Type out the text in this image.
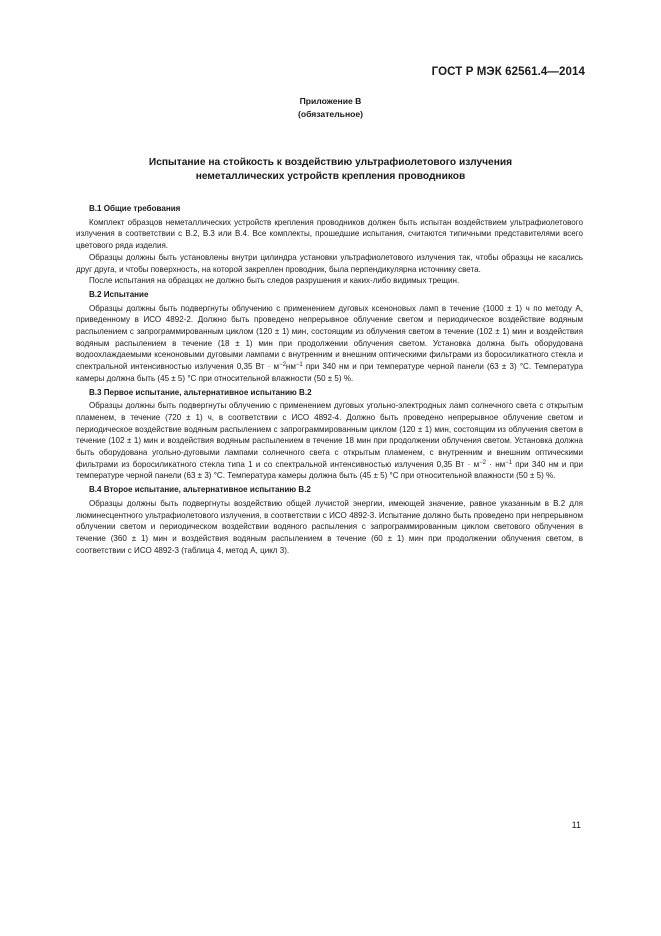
ГОСТ Р МЭК 62561.4—2014
Приложение В
(обязательное)
Испытание на стойкость к воздействию ультрафиолетового излучения
неметаллических устройств крепления проводников
В.1 Общие требования

Комплект образцов неметаллических устройств крепления проводников должен быть испытан воздействием ультрафиолетового излучения в соответствии с В.2, В.3 или В.4. Все комплекты, прошедшие испытания, считаются типичными представителями всего цветового ряда изделия.

Образцы должны быть установлены внутри цилиндра установки ультрафиолетового излучения так, чтобы образцы не касались друг друга, и чтобы поверхность, на которой закреплен проводник, была перпендикулярна источнику света.

После испытания на образцах не должно быть следов разрушения и каких-либо видимых трещин.

В.2 Испытание

Образцы должны быть подвергнуты облучению с применением дуговых ксеноновых ламп в течение (1000 ± 1) ч по методу А, приведенному в ИСО 4892-2. Должно быть проведено непрерывное облучение светом и периодическое воздействие водяным распылением с запрограммированным циклом (120 ± 1) мин, состоящим из облучения светом в течение (102 ± 1) мин и воздействия водяным распылением в течение (18 ± 1) мин при продолжении облучения светом. Установка должна быть оборудована водоохлаждаемыми ксеноновыми дуговыми лампами с внутренним и внешним оптическими фильтрами из боросиликатного стекла и спектральной интенсивностью излучения 0,35 Вт · $м^{-2}нм^{-1}$ при 340 нм и при температуре черной панели (63 ± 3) °С. Температура камеры должна быть (45 ± 5) °С при относительной влажности (50 ± 5) %.

В.3 Первое испытание, альтернативное испытанию В.2

Образцы должны быть подвергнуты облучению с применением дуговых угольно-электродных ламп солнечного света с открытым пламенем, в течение (720 ± 1) ч, в соответствии с ИСО 4892-4. Должно быть проведено непрерывное облучение светом и периодическое воздействие водяным распылением с запрограммированным циклом (120 ± 1) мин, состоящим из облучения светом в течение (102 ± 1) мин и воздействия водяным распылением в течение 18 мин при продолжении облучения светом. Установка должна быть оборудована угольно-дуговыми лампами солнечного света с открытым пламенем, с внутренним и внешним оптическими фильтрами из боросиликатного стекла типа 1 и со спектральной интенсивностью излучения 0,35 Вт · $м^{-2} \cdot нм^{-1}$ при 340 нм и при температуре черной панели (63 ± 3) °С. Температура камеры должна быть (45 ± 5) °С при относительной влажности (50 ± 5) %.

В.4 Второе испытание, альтернативное испытанию В.2

Образцы должны быть подвергнуты воздействию общей лучистой энергии, имеющей значение, равное указанным в В.2 для люминесцентного ультрафиолетового излучения, в соответствии с ИСО 4892-3. Испытание должно быть проведено при непрерывном облучении светом и периодическом воздействии водяного распыления с запрограммированным циклом светового облучения в течение (360 ± 1) мин и воздействия водяным распылением в течение (60 ± 1) мин при продолжении облучения светом, в соответствии с ИСО 4892-3 (таблица 4, метод А, цикл 3).

11
